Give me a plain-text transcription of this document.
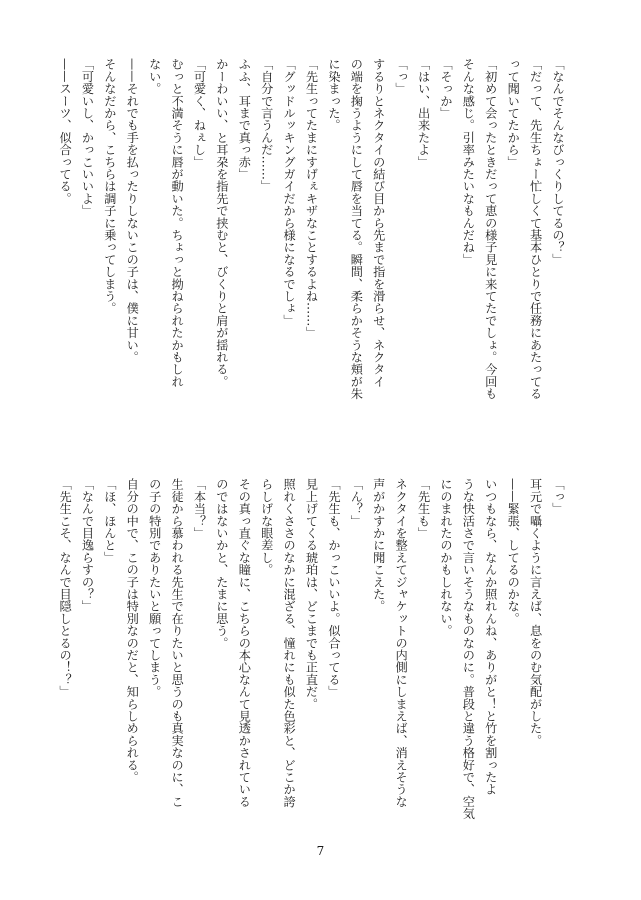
「なんでそんなびっくりしてるの？」
「だって、先生ちょー忙しくて基本ひとりで任務にあたってる
って聞いてたから」
「初めて会ったときだって恵の様子見に来てたでしょ。今回も
そんな感じ。引率みたいなもんだね」
「そっか」
「はい、出来たよ」
「っ」
するりとネクタイの結び目から先まで指を滑らせ、ネクタイ
の端を掬うようにして唇を当てる。瞬間、柔らかそうな頬が朱
に染まった。
「先生ってたまにすげぇキザなことするよね……」
「グッドルッキングガイだから様になるでしょ」
「自分で言うんだ……」
ふふ、耳まで真っ赤」
かーわいい、と耳朶を指先で挟むと、びくりと肩が揺れる。
「可愛く、ねぇし」
むっと不満そうに唇が動いた。ちょっと拗ねられたかもしれ
ない。
——それでも手を払ったりしないこの子は、僕に甘い。
そんなだから、こちらは調子に乗ってしまう。
「可愛いし、かっこいいよ」
——スーツ、似合ってる。
「っ」
耳元で囁くように言えば、息をのむ気配がした。
——緊張、してるのかな。
いつもなら、なんか照れんね、ありがと！と竹を割ったよ
うな快活さで言いそうなものなのに。普段と違う格好で、空気
にのまれたのかもしれない。
「先生も」
ネクタイを整えてジャケットの内側にしまえば、消えそうな
声がかすかに聞こえた。
「ん？」
「先生も、かっこいいよ。似合ってる」
見上げてくる琥珀は、どこまでも正直だ。
照れくささのなかに混ざる、憧れにも似た色彩と、どこか誇
らしげな眼差し。
その真っ直ぐな瞳に、こちらの本心なんて見透かされている
のではないかと、たまに思う。
「本当？」
生徒から慕われる先生で在りたいと思うのも真実なのに、こ
の子の特別でありたいと願ってしまう。
自分の中で、この子は特別なのだと、知らしめられる。
「ほ、ほんと」
「なんで目逸らすの？」
「先生こそ、なんで目隠しとるの！？」
7
